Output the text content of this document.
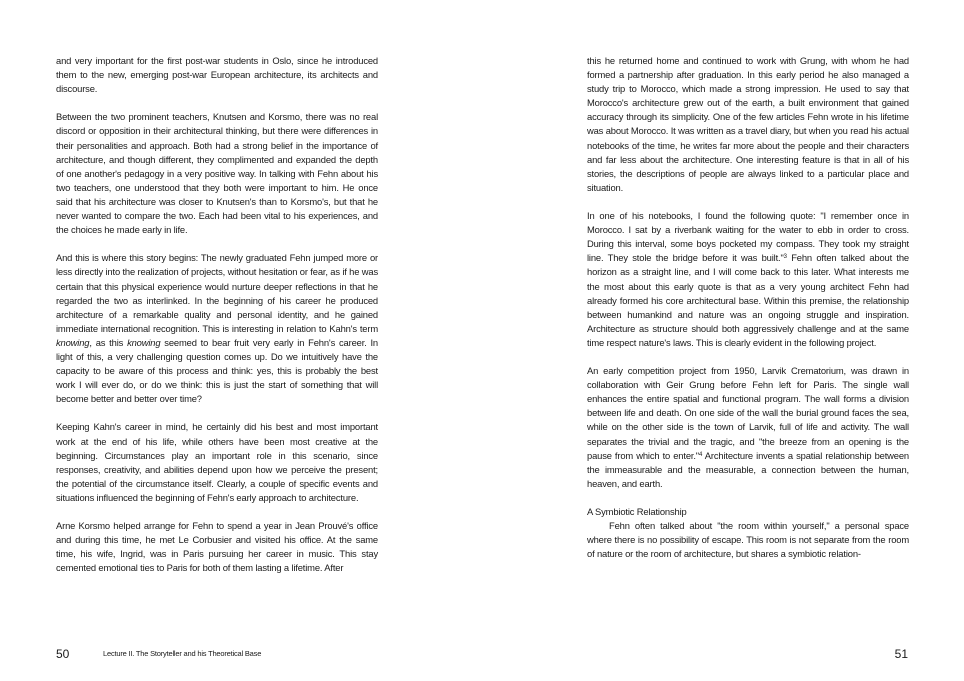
and very important for the first post-war students in Oslo, since he introduced them to the new, emerging post-war European architecture, its architects and discourse.

Between the two prominent teachers, Knutsen and Korsmo, there was no real discord or opposition in their architectural thinking, but there were differences in their personalities and approach. Both had a strong belief in the importance of architecture, and though different, they complimented and expanded the depth of one another's pedagogy in a very positive way. In talking with Fehn about his two teachers, one understood that they both were important to him. He once said that his architecture was closer to Knutsen's than to Korsmo's, but that he never wanted to compare the two. Each had been vital to his experiences, and the choices he made early in life.

And this is where this story begins: The newly graduated Fehn jumped more or less directly into the realization of projects, without hesitation or fear, as if he was certain that this physical experience would nurture deeper reflections in that he regarded the two as interlinked. In the beginning of his career he produced architecture of a remarkable quality and personal identity, and he gained immediate international recognition. This is interesting in relation to Kahn's term knowing, as this knowing seemed to bear fruit very early in Fehn's career. In light of this, a very challenging question comes up. Do we intuitively have the capacity to be aware of this process and think: yes, this is probably the best work I will ever do, or do we think: this is just the start of something that will become better and better over time?

Keeping Kahn's career in mind, he certainly did his best and most important work at the end of his life, while others have been most creative at the beginning. Circumstances play an important role in this scenario, since responses, creativity, and abilities depend upon how we perceive the present; the potential of the circumstance itself. Clearly, a couple of specific events and situations influenced the beginning of Fehn's early approach to architecture.

Arne Korsmo helped arrange for Fehn to spend a year in Jean Prouvé's office and during this time, he met Le Corbusier and visited his office. At the same time, his wife, Ingrid, was in Paris pursuing her career in music. This stay cemented emotional ties to Paris for both of them lasting a lifetime. After

50	Lecture II. The Storyteller and his Theoretical Base

this he returned home and continued to work with Grung, with whom he had formed a partnership after graduation. In this early period he also managed a study trip to Morocco, which made a strong impression. He used to say that Morocco's architecture grew out of the earth, a built environment that gained accuracy through its simplicity. One of the few articles Fehn wrote in his lifetime was about Morocco. It was written as a travel diary, but when you read his actual notebooks of the time, he writes far more about the people and their characters and far less about the architecture. One interesting feature is that in all of his stories, the descriptions of people are always linked to a particular place and situation.

In one of his notebooks, I found the following quote: "I remember once in Morocco. I sat by a riverbank waiting for the water to ebb in order to cross. During this interval, some boys pocketed my compass. They took my straight line. They stole the bridge before it was built."$^3$ Fehn often talked about the horizon as a straight line, and I will come back to this later. What interests me the most about this early quote is that as a very young architect Fehn had already formed his core architectural base. Within this premise, the relationship between humankind and nature was an ongoing struggle and inspiration. Architecture as structure should both aggressively challenge and at the same time respect nature's laws. This is clearly evident in the following project.

An early competition project from 1950, Larvik Crematorium, was drawn in collaboration with Geir Grung before Fehn left for Paris. The single wall enhances the entire spatial and functional program. The wall forms a division between life and death. On one side of the wall the burial ground faces the sea, while on the other side is the town of Larvik, full of life and activity. The wall separates the trivial and the tragic, and "the breeze from an opening is the pause from which to enter."$^4$ Architecture invents a spatial relationship between the immeasurable and the measurable, a connection between the human, heaven, and earth.

A Symbiotic Relationship

Fehn often talked about "the room within yourself," a personal space where there is no possibility of escape. This room is not separate from the room of nature or the room of architecture, but shares a symbiotic relation-

51
